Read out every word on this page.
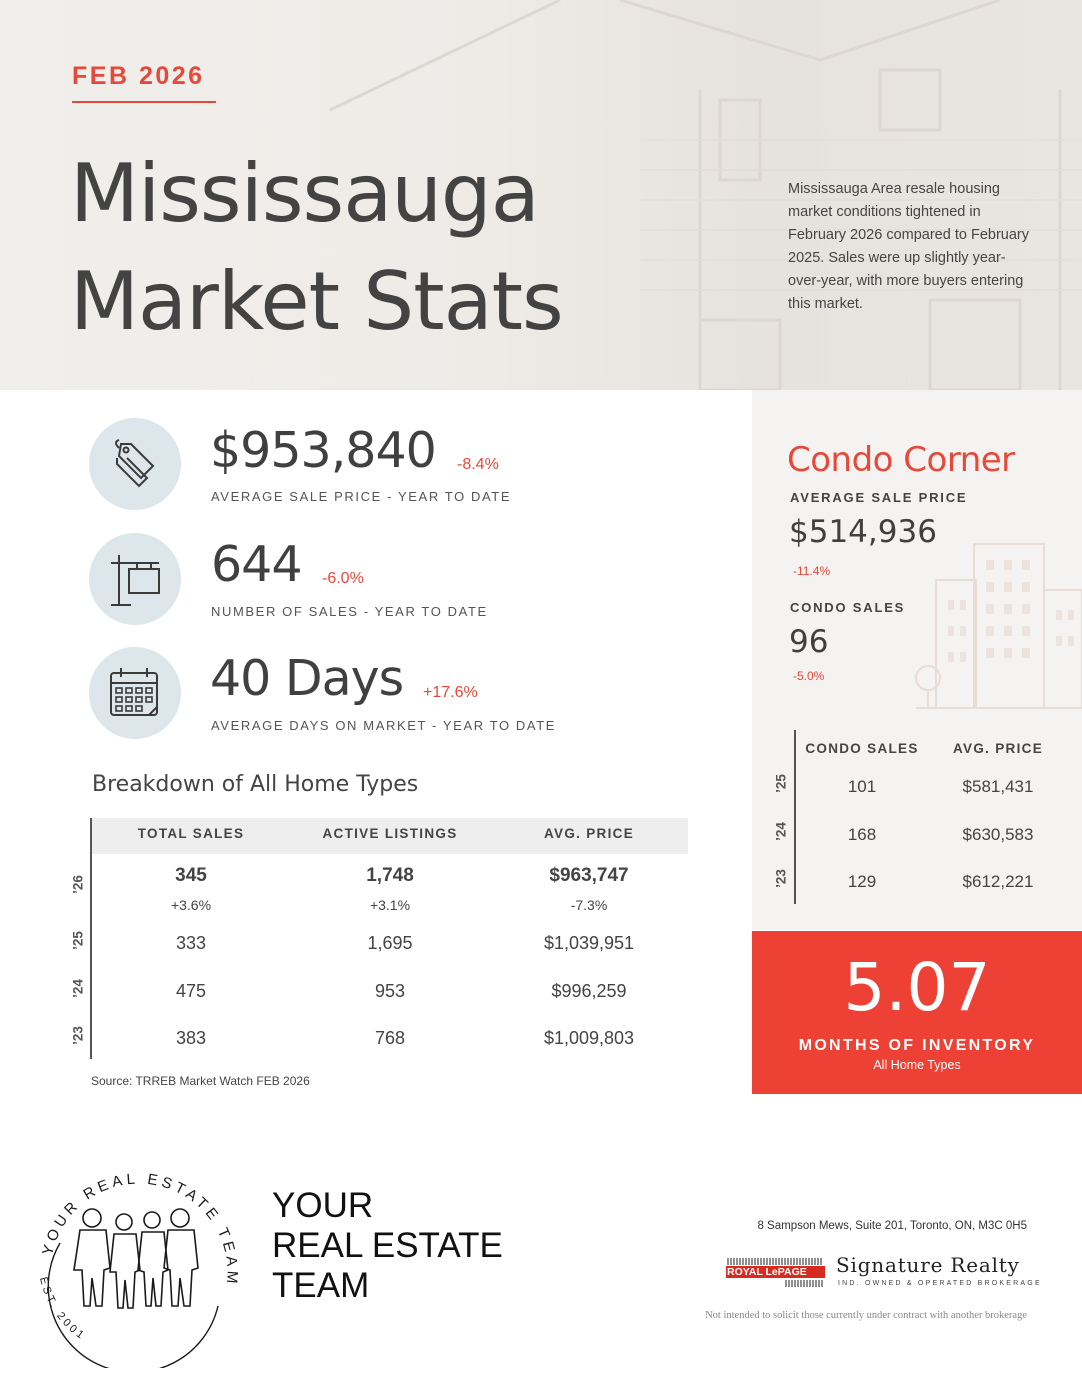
FEB 2026
Mississauga
Market Stats
Mississauga Area resale housing market conditions tightened in February 2026 compared to February 2025. Sales were up slightly year-over-year, with more buyers entering this market.
$953,840 -8.4%
AVERAGE SALE PRICE - YEAR TO DATE
644 -6.0%
NUMBER OF SALES - YEAR TO DATE
40 Days +17.6%
AVERAGE DAYS ON MARKET - YEAR TO DATE
Breakdown of All Home Types
TOTAL SALES	ACTIVE LISTINGS	AVG. PRICE
’26	345	1,748	$963,747
+3.6%	+3.1%	-7.3%
’25	333	1,695	$1,039,951
’24	475	953	$996,259
’23	383	768	$1,009,803
Source: TRREB Market Watch FEB 2026
Condo Corner
AVERAGE SALE PRICE
$514,936
-11.4%
CONDO SALES
96
-5.0%
CONDO SALES	AVG. PRICE
’25	101	$581,431
’24	168	$630,583
’23	129	$612,221
5.07
MONTHS OF INVENTORY
All Home Types
YOUR REAL ESTATE TEAM
EST. 2001
YOUR
REAL ESTATE
TEAM
8 Sampson Mews, Suite 201, Toronto, ON, M3C 0H5
ROYAL LePAGE	Signature Realty
IND. OWNED & OPERATED BROKERAGE
Not intended to solicit those currently under contract with another brokerage
